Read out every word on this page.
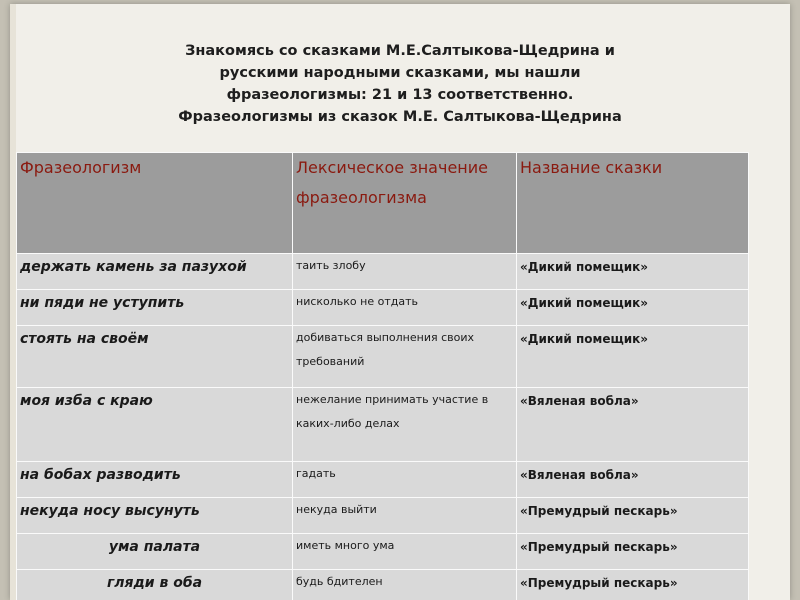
Знакомясь со сказками М.Е.Салтыкова-Щедрина и
русскими народными сказками, мы нашли
фразеологизмы: 21 и 13 соответственно.
Фразеологизмы из сказок М.Е. Салтыкова-Щедрина
Фразеологизм	Лексическое значение фразеологизма	Название сказки
держать камень за пазухой	таить злобу	«Дикий помещик»
ни пяди не уступить	нисколько не отдать	«Дикий помещик»
стоять на своём	добиваться выполнения своих требований	«Дикий помещик»
моя изба с краю	нежелание принимать участие в каких-либо делах	«Вяленая вобла»
на бобах разводить	гадать	«Вяленая вобла»
некуда носу высунуть	некуда выйти	«Премудрый пескарь»
ума палата	иметь много ума	«Премудрый пескарь»
гляди в оба	будь бдителен	«Премудрый пескарь»
